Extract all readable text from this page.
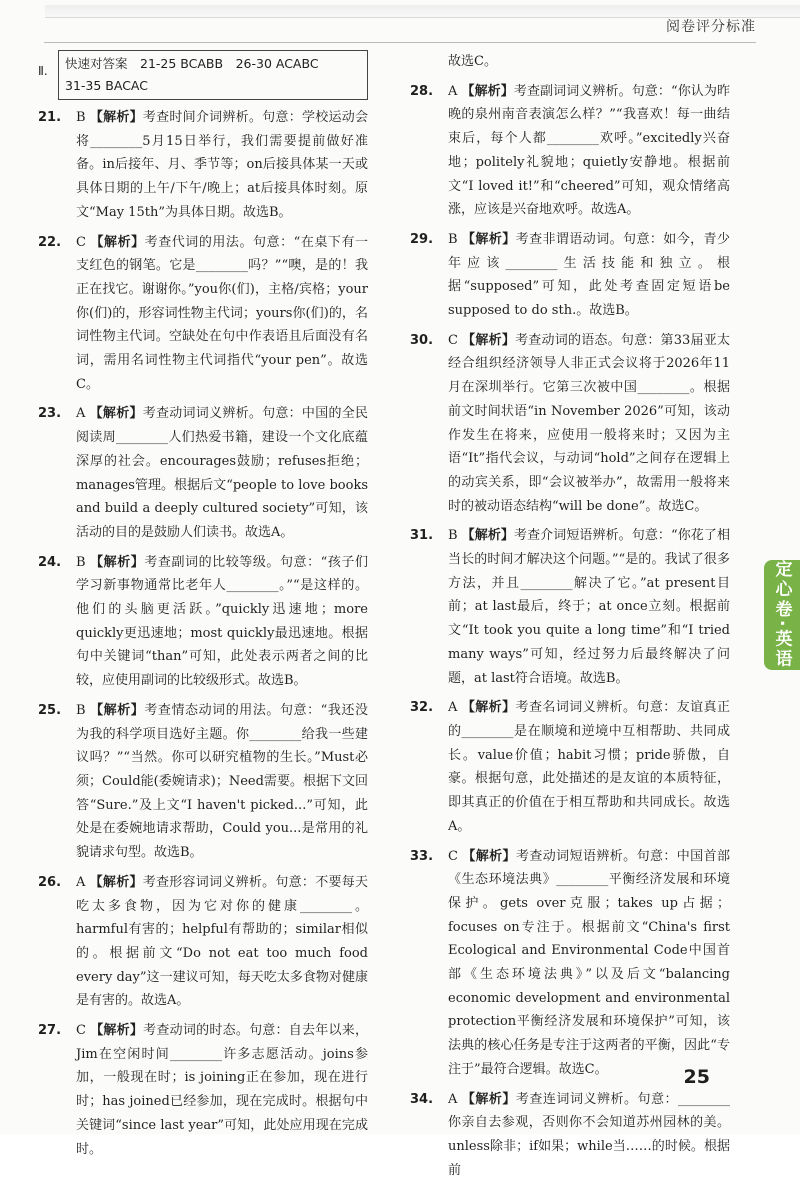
阅卷评分标准
Ⅱ. 快速对答案　21-25 BCABB　26-30 ACABC
31-35 BACAC
21.	B 【解析】考查时间介词辨析。句意：学校运动会将________5月15日举行，我们需要提前做好准备。in后接年、月、季节等；on后接具体某一天或具体日期的上午/下午/晚上；at后接具体时刻。原文“May 15th”为具体日期。故选B。
22.	C 【解析】考查代词的用法。句意：“在桌下有一支红色的钢笔。它是________吗？”“噢，是的！我正在找它。谢谢你。”you你(们)，主格/宾格；your你(们)的，形容词性物主代词；yours你(们)的，名词性物主代词。空缺处在句中作表语且后面没有名词，需用名词性物主代词指代“your pen”。故选C。
23.	A 【解析】考查动词词义辨析。句意：中国的全民阅读周________人们热爱书籍，建设一个文化底蕴深厚的社会。encourages鼓励；refuses拒绝；manages管理。根据后文“people to love books and build a deeply cultured society”可知，该活动的目的是鼓励人们读书。故选A。
24.	B 【解析】考查副词的比较等级。句意：“孩子们学习新事物通常比老年人________。”“是这样的。他们的头脑更活跃。”quickly迅速地；more quickly更迅速地；most quickly最迅速地。根据句中关键词“than”可知，此处表示两者之间的比较，应使用副词的比较级形式。故选B。
25.	B 【解析】考查情态动词的用法。句意：“我还没为我的科学项目选好主题。你________给我一些建议吗？”“当然。你可以研究植物的生长。”Must必须；Could能(委婉请求)；Need需要。根据下文回答“Sure.”及上文“I haven't picked...”可知，此处是在委婉地请求帮助，Could you...是常用的礼貌请求句型。故选B。
26.	A 【解析】考查形容词词义辨析。句意：不要每天吃太多食物，因为它对你的健康________。harmful有害的；helpful有帮助的；similar相似的。根据前文“Do not eat too much food every day”这一建议可知，每天吃太多食物对健康是有害的。故选A。
27.	C 【解析】考查动词的时态。句意：自去年以来，Jim在空闲时间________许多志愿活动。joins参加，一般现在时；is joining正在参加，现在进行时；has joined已经参加，现在完成时。根据句中关键词“since last year”可知，此处应用现在完成时。
故选C。
28.	A 【解析】考查副词词义辨析。句意：“你认为昨晚的泉州南音表演怎么样？”“我喜欢！每一曲结束后，每个人都________欢呼。”excitedly兴奋地；politely礼貌地；quietly安静地。根据前文“I loved it!”和“cheered”可知，观众情绪高涨，应该是兴奋地欢呼。故选A。
29.	B 【解析】考查非谓语动词。句意：如今，青少年应该________生活技能和独立。根据“supposed”可知，此处考查固定短语be supposed to do sth.。故选B。
30.	C 【解析】考查动词的语态。句意：第33届亚太经合组织经济领导人非正式会议将于2026年11月在深圳举行。它第三次被中国________。根据前文时间状语“in November 2026”可知，该动作发生在将来，应使用一般将来时；又因为主语“It”指代会议，与动词“hold”之间存在逻辑上的动宾关系，即“会议被举办”，故需用一般将来时的被动语态结构“will be done”。故选C。
31.	B 【解析】考查介词短语辨析。句意：“你花了相当长的时间才解决这个问题。”“是的。我试了很多方法，并且________解决了它。”at present目前；at last最后，终于；at once立刻。根据前文“It took you quite a long time”和“I tried many ways”可知，经过努力后最终解决了问题，at last符合语境。故选B。
32.	A 【解析】考查名词词义辨析。句意：友谊真正的________是在顺境和逆境中互相帮助、共同成长。value价值；habit习惯；pride骄傲，自豪。根据句意，此处描述的是友谊的本质特征，即其真正的价值在于相互帮助和共同成长。故选A。
33.	C 【解析】考查动词短语辨析。句意：中国首部《生态环境法典》________平衡经济发展和环境保护。gets over克服；takes up占据；focuses on专注于。根据前文“China's first Ecological and Environmental Code中国首部《生态环境法典》”以及后文“balancing economic development and environmental protection平衡经济发展和环境保护”可知，该法典的核心任务是专注于这两者的平衡，因此“专注于”最符合逻辑。故选C。
34.	A 【解析】考查连词词义辨析。句意：________你亲自去参观，否则你不会知道苏州园林的美。unless除非；if如果；while当……的时候。根据前
定心卷·英语
25
